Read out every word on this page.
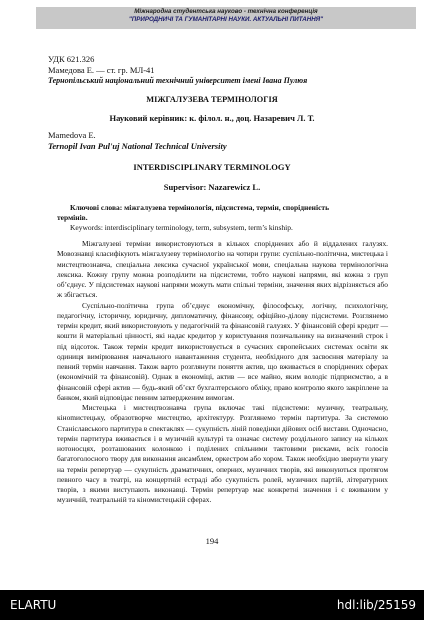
Міжнародна студентська науково - технічна конференція
"ПРИРОДНИЧІ ТА ГУМАНІТАРНІ НАУКИ. АКТУАЛЬНІ ПИТАННЯ"
УДК 621.326
Мамедова Е. — ст. гр. МЛ-41
Тернопільський національний технічний університет імені Івана Пулюя
МІЖГАЛУЗЕВА ТЕРМІНОЛОГІЯ
Науковий керівник: к. філол. н., доц. Назаревич Л. Т.
Mamedova E.
Ternopil Ivan Pul'uj National Technical University
INTERDISCIPLINARY TERMINOLOGY
Supervisor: Nazarewicz L.
Ключові слова: міжгалузева термінологія, підсистема, термін, спорідненість
термінів.
Keywords: interdisciplinary terminology, term, subsystem, term’s kinship.

Міжгалузеві терміни використовуються в кількох споріднених або й віддалених галузях. Мовознавці класифікують міжгалузеву термінологію на чотири групи: суспільно-політична, мистецька і мистецтвознавча, спеціальна лексика сучасної української мови, спеціальна наукова термінологічна лексика. Кожну групу можна розподілити на підсистеми, тобто наукові напрями, які кожна з груп об’єднує. У підсистемах наукові напрями можуть мати спільні терміни, значення яких відрізняється або ж збігається.

Суспільно-політична група об’єднує економічну, філософську, логічну, психологічну, педагогічну, історичну, юридичну, дипломатичну, фінансову, офіційно-ділову підсистеми. Розглянемо термін кредит, який використовують у педагогічній та фінансовій галузях. У фінансовій сфері кредит — кошти й матеріальні цінності, які надає кредитор у користування позичальнику на визначений строк і під відсоток. Також термін кредит використовується в сучасних європейських системах освіти як одиниця вимірювання навчального навантаження студента, необхідного для засвоєння матеріалу за певний термін навчання. Також варто розглянути поняття актив, що вживається в споріднених сферах (економічній та фінансовій). Однак в економіці, актив — все майно, яким володіє підприємство, а в фінансовій сфері актив — будь-який об’єкт бухгалтерського обліку, право контролю якого закріплене за банком, який відповідає певним затвердженим вимогам.

Мистецька і мистецтвознавча група включає такі підсистеми: музичну, театральну, кінomистецьку, образотворче мистецтво, архітектуру. Розглянемо термін партитура. За системою Станіславського партитура в спектаклях — сукупність ліній поведінки дійових осіб вистави. Одночасно, термін партитура вживається і в музичній культурі та означає систему роздільного запису на кількох нотоносцях, розташованих колонкою і поділених спільними тактовими рисками, всіх голосів багатоголосного твору для виконання ансамблем, оркестром або хором. Також необхідно звернути увагу на термін репертуар — сукупність драматичних, оперних, музичних творів, які виконуються протягом певного часу в театрі, на концертній естраді або сукупність ролей, музичних партій, літературних творів, з якими виступають виконавці. Термін репертуар має конкретні значення і є вживаним у музичній, театральній та кіномистецькій сферах.

194
ELARTU	hdl:lib/25159
